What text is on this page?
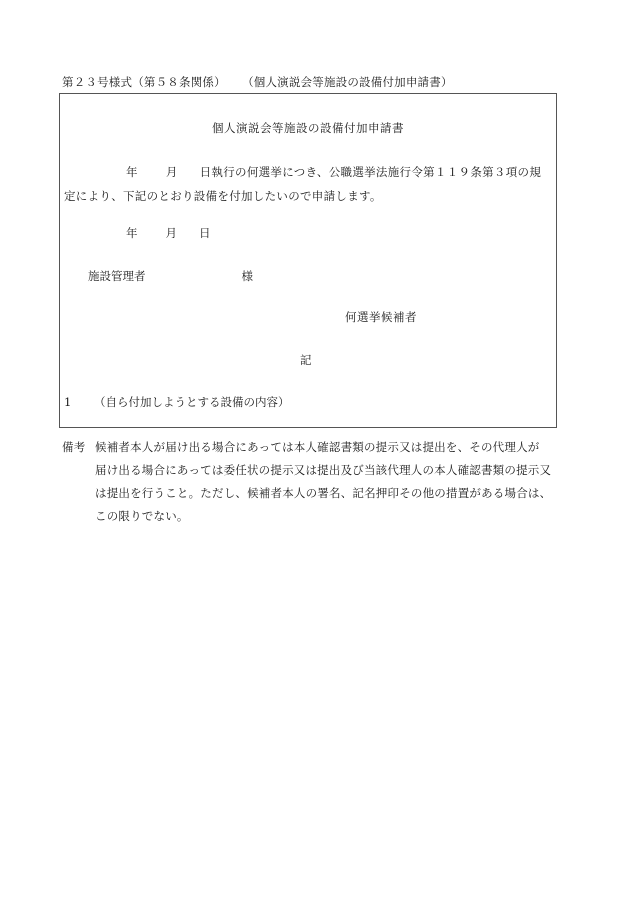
第２３号様式（第５８条関係） （個人演説会等施設の設備付加申請書）
個人演説会等施設の設備付加申請書
年 月 日執行の何選挙につき、公職選挙法施行令第１１９条第３項の規
定により、下記のとおり設備を付加したいので申請します。
年 月 日
施設管理者	様
何選挙候補者
記
1 （自ら付加しようとする設備の内容）
備考 候補者本人が届け出る場合にあっては本人確認書類の提示又は提出を、その代理人が
届け出る場合にあっては委任状の提示又は提出及び当該代理人の本人確認書類の提示又
は提出を行うこと。ただし、候補者本人の署名、記名押印その他の措置がある場合は、
この限りでない。
